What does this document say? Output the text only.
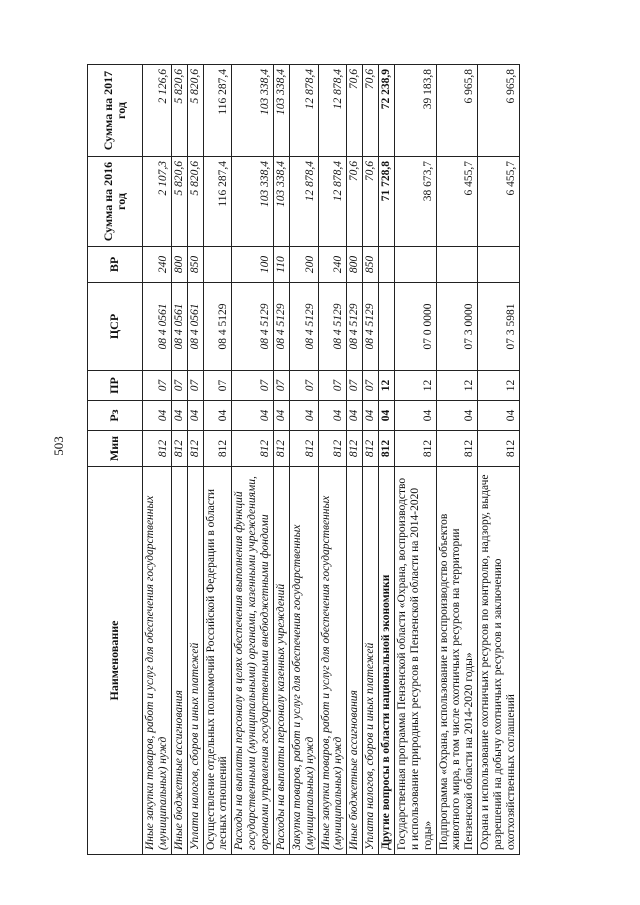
503
Наименование	Мин	Рз	ПР	ЦСР	ВР	Сумма на 2016 год	Сумма на 2017 год
Иные закупки товаров, работ и услуг для обеспечения государственных (муниципальных) нужд	812	04	07	08 4 0561	240	2 107,3	2 126,6
Иные бюджетные ассигнования	812	04	07	08 4 0561	800	5 820,6	5 820,6
Уплата налогов, сборов и иных платежей	812	04	07	08 4 0561	850	5 820,6	5 820,6
Осуществление отдельных полномочий Российской Федерации в области лесных отношений	812	04	07	08 4 5129		116 287,4	116 287,4
Расходы на выплаты персоналу в целях обеспечения выполнения функций государственными (муниципальными) органами, казенными учреждениями, органами управления государственными внебюджетными фондами	812	04	07	08 4 5129	100	103 338,4	103 338,4
Расходы на выплаты персоналу казенных учреждений	812	04	07	08 4 5129	110	103 338,4	103 338,4
Закупка товаров, работ и услуг для обеспечения государственных (муниципальных) нужд	812	04	07	08 4 5129	200	12 878,4	12 878,4
Иные закупки товаров, работ и услуг для обеспечения государственных (муниципальных) нужд	812	04	07	08 4 5129	240	12 878,4	12 878,4
Иные бюджетные ассигнования	812	04	07	08 4 5129	800	70,6	70,6
Уплата налогов, сборов и иных платежей	812	04	07	08 4 5129	850	70,6	70,6
Другие вопросы в области национальной экономики	812	04	12			71 728,8	72 238,9
Государственная программа Пензенской области «Охрана, воспроизводство и использование природных ресурсов в Пензенской области на 2014-2020 годы»	812	04	12	07 0 0000		38 673,7	39 183,8
Подпрограмма «Охрана, использование и воспроизводство объектов животного мира, в том числе охотничьих ресурсов на территории Пензенской области на 2014-2020 годы»	812	04	12	07 3 0000		6 455,7	6 965,8
Охрана и использование охотничьих ресурсов по контролю, надзору, выдаче разрешений на добычу охотничьих ресурсов и заключению охотхозяйственных соглашений	812	04	12	07 3 5981		6 455,7	6 965,8
